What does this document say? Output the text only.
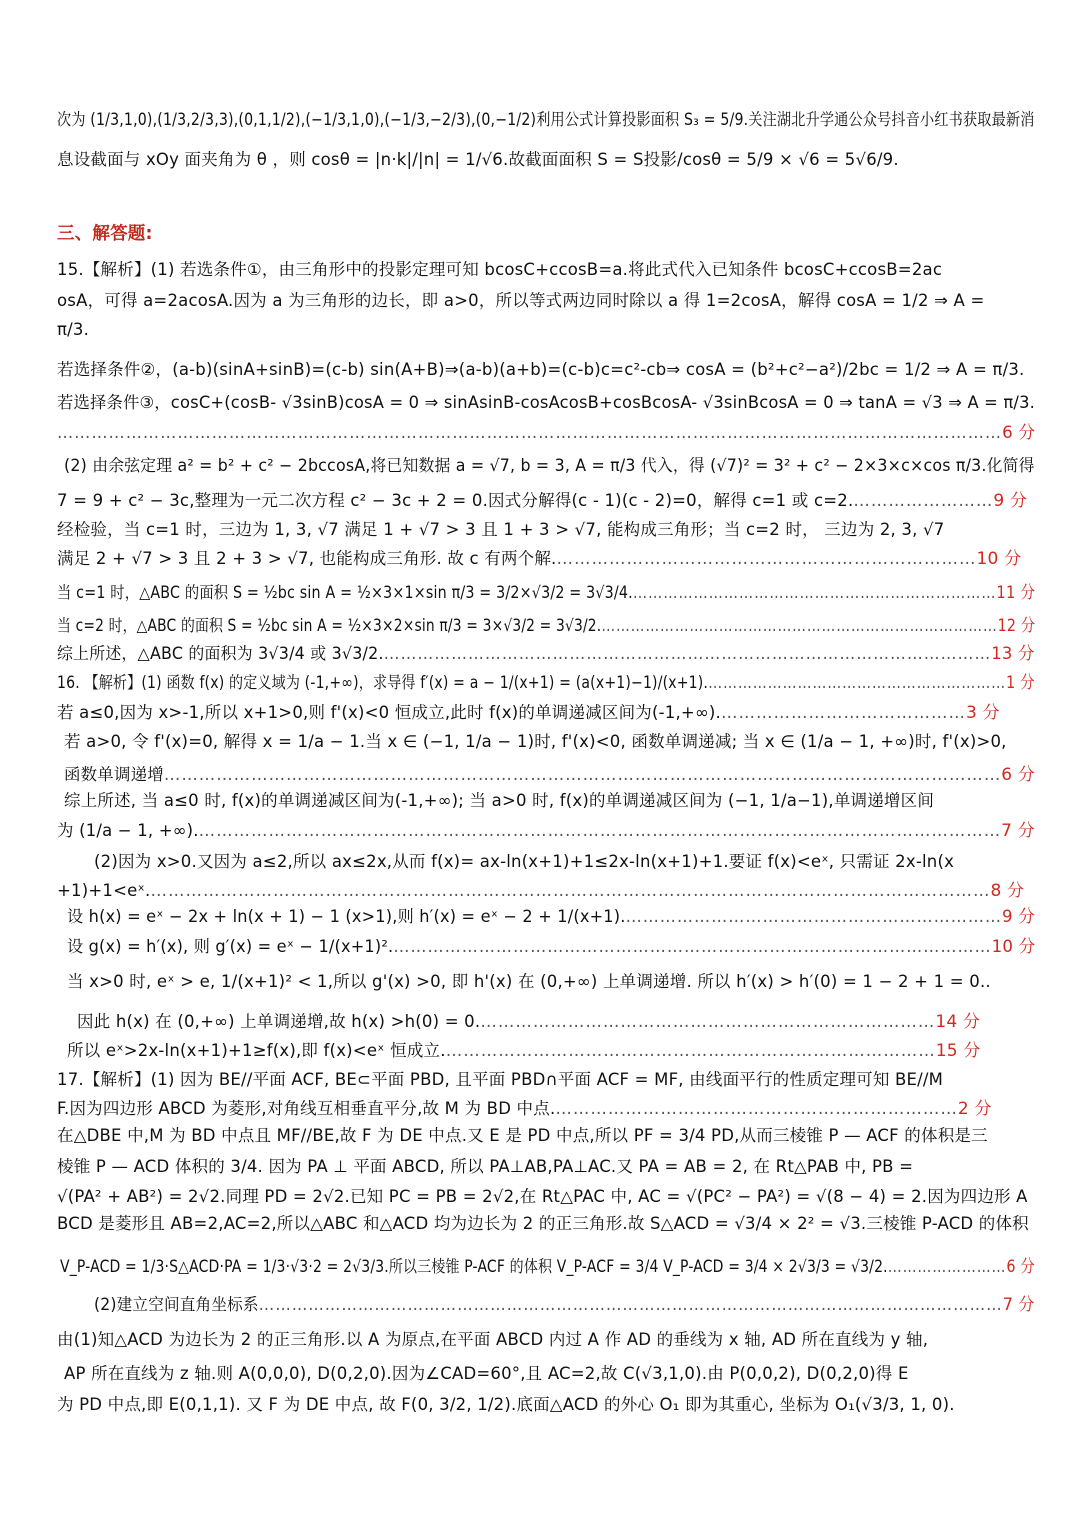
次为 (1/3,1,0),(1/3,2/3,3),(0,1,1/2),(−1/3,1,0),(−1/3,−2/3),(0,−1/2)利用公式计算投影面积 S₃ = 5/9.关注湖北升学通公众号抖音小红书获取最新消
息设截面与 xOy 面夹角为 θ ，则 cosθ = |n·k|/|n| = 1/√6.故截面面积 S = S投影/cosθ = 5/9 × √6 = 5√6/9.
三、解答题:
15.【解析】(1) 若选条件①，由三角形中的投影定理可知 bcosC+ccosB=a.将此式代入已知条件 bcosC+ccosB=2ac
osA，可得 a=2acosA.因为 a 为三角形的边长，即 a>0，所以等式两边同时除以 a 得 1=2cosA，解得 cosA = 1/2 ⇒ A =
π/3.
若选择条件②，(a-b)(sinA+sinB)=(c-b) sin(A+B)⇒(a-b)(a+b)=(c-b)c=c²-cb⇒ cosA = (b²+c²−a²)/2bc = 1/2 ⇒ A = π/3.
若选择条件③，cosC+(cosB- √3sinB)cosA = 0 ⇒ sinAsinB-cosAcosB+cosBcosA- √3sinBcosA = 0 ⇒ tanA = √3 ⇒ A = π/3.
…………………………………………………………………………………………………………………………………………………6 分
(2) 由余弦定理 a² = b² + c² − 2bccosA,将已知数据 a = √7, b = 3, A = π/3 代入，得 (√7)² = 3² + c² − 2×3×c×cos π/3.化简得
7 = 9 + c² − 3c,整理为一元二次方程 c² − 3c + 2 = 0.因式分解得(c - 1)(c - 2)=0，解得 c=1 或 c=2.……………………9 分
经检验，当 c=1 时，三边为 1, 3, √7 满足 1 + √7 > 3 且 1 + 3 > √7, 能构成三角形；当 c=2 时， 三边为 2, 3, √7
满足 2 + √7 > 3 且 2 + 3 > √7, 也能构成三角形. 故 c 有两个解.………………………………………………………………10 分
当 c=1 时，△ABC 的面积 S = ½bc sin A = ½×3×1×sin π/3 = 3/2×√3/2 = 3√3/4.………………………………………………………………11 分
当 c=2 时，△ABC 的面积 S = ½bc sin A = ½×3×2×sin π/3 = 3×√3/2 = 3√3/2.………………………………………………………………………12 分
综上所述，△ABC 的面积为 3√3/4 或 3√3/2.………………………………………………………………………………………………13 分
16. 【解析】(1) 函数 f(x) 的定义域为 (-1,+∞)，求导得 f′(x) = a − 1/(x+1) = (a(x+1)−1)/(x+1).……………………………………………………1 分
若 a≤0,因为 x>-1,所以 x+1>0,则 f'(x)<0 恒成立,此时 f(x)的单调递减区间为(-1,+∞).……………………………………3 分
若 a>0, 令 f'(x)=0, 解得 x = 1/a − 1.当 x ∈ (−1, 1/a − 1)时, f'(x)<0, 函数单调递减; 当 x ∈ (1/a − 1, +∞)时, f'(x)>0,
函数单调递增………………………………………………………………………………………………………………………………6 分
综上所述, 当 a≤0 时, f(x)的单调递减区间为(-1,+∞); 当 a>0 时, f(x)的单调递减区间为 (−1, 1/a−1),单调递增区间
为 (1/a − 1, +∞).…………………………………………………………………………………………………………………………7 分
(2)因为 x>0.又因为 a≤2,所以 ax≤2x,从而 f(x)= ax-ln(x+1)+1≤2x-ln(x+1)+1.要证 f(x)<eˣ, 只需证 2x-ln(x
+1)+1<eˣ.………………………………………………………………………………………………………………………………8 分
设 h(x) = eˣ − 2x + ln(x + 1) − 1 (x>1),则 h′(x) = eˣ − 2 + 1/(x+1).…………………………………………………………9 分
设 g(x) = h′(x), 则 g′(x) = eˣ − 1/(x+1)².……………………………………………………………………………………………10 分
当 x>0 时, eˣ > e, 1/(x+1)² < 1,所以 g'(x) >0, 即 h'(x) 在 (0,+∞) 上单调递增. 所以 h′(x) > h′(0) = 1 − 2 + 1 = 0..
因此 h(x) 在 (0,+∞) 上单调递增,故 h(x) >h(0) = 0.……………………………………………………………………14 分
所以 eˣ>2x-ln(x+1)+1≥f(x),即 f(x)<eˣ 恒成立.…………………………………………………………………………15 分
17.【解析】(1) 因为 BE//平面 ACF, BE⊂平面 PBD, 且平面 PBD∩平面 ACF = MF, 由线面平行的性质定理可知 BE//M
F.因为四边形 ABCD 为菱形,对角线互相垂直平分,故 M 为 BD 中点.……………………………………………………………2 分
在△DBE 中,M 为 BD 中点且 MF//BE,故 F 为 DE 中点.又 E 是 PD 中点,所以 PF = 3/4 PD,从而三棱锥 P — ACF 的体积是三
棱锥 P — ACD 体积的 3/4. 因为 PA ⊥ 平面 ABCD, 所以 PA⊥AB,PA⊥AC.又 PA = AB = 2, 在 Rt△PAB 中, PB =
√(PA² + AB²) = 2√2.同理 PD = 2√2.已知 PC = PB = 2√2,在 Rt△PAC 中, AC = √(PC² − PA²) = √(8 − 4) = 2.因为四边形 A
BCD 是菱形且 AB=2,AC=2,所以△ABC 和△ACD 均为边长为 2 的正三角形.故 S△ACD = √3/4 × 2² = √3.三棱锥 P-ACD 的体积
V_P-ACD = 1/3·S△ACD·PA = 1/3·√3·2 = 2√3/3.所以三棱锥 P-ACF 的体积 V_P-ACF = 3/4 V_P-ACD = 3/4 × 2√3/3 = √3/2.……………………6 分
(2)建立空间直角坐标系………………………………………………………………………………………………………………………7 分
由(1)知△ACD 为边长为 2 的正三角形.以 A 为原点,在平面 ABCD 内过 A 作 AD 的垂线为 x 轴, AD 所在直线为 y 轴,
AP 所在直线为 z 轴.则 A(0,0,0), D(0,2,0).因为∠CAD=60°,且 AC=2,故 C(√3,1,0).由 P(0,0,2), D(0,2,0)得 E
为 PD 中点,即 E(0,1,1). 又 F 为 DE 中点, 故 F(0, 3/2, 1/2).底面△ACD 的外心 O₁ 即为其重心, 坐标为 O₁(√3/3, 1, 0).
